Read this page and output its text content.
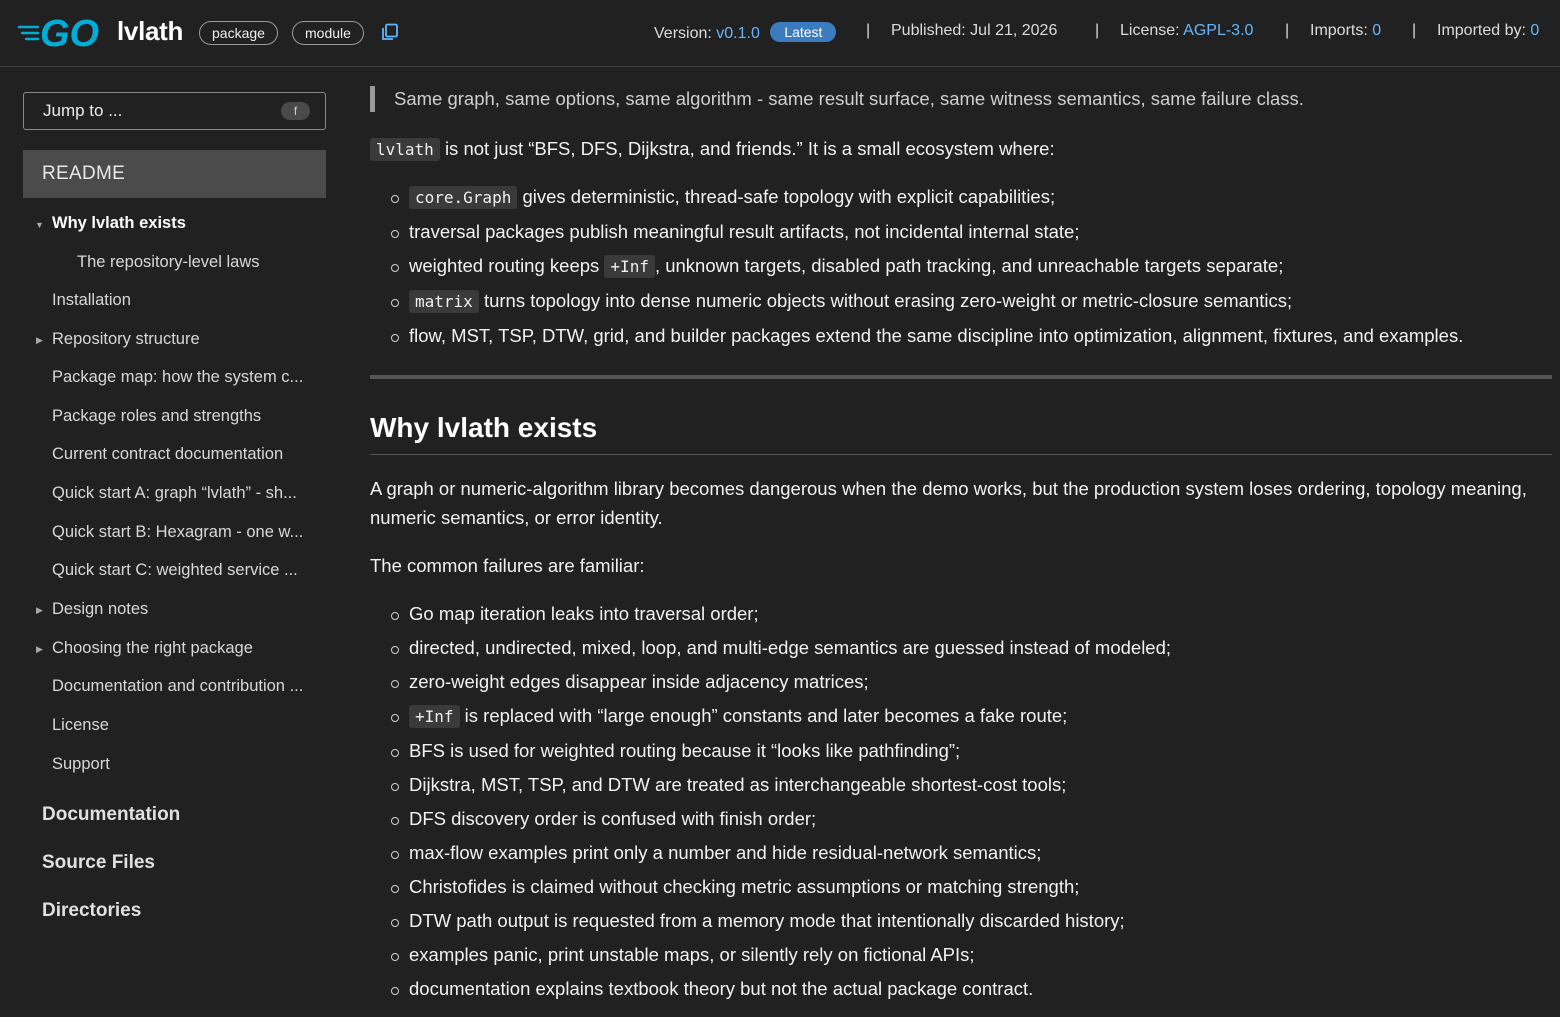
GO lvlath	package	module	Version: v0.1.0 Latest	| Published: Jul 21, 2026 | License: AGPL-3.0 | Imports: 0 | Imported by: 0
Jump to ...	f
README
▼ Why lvlath exists
The repository-level laws
Installation
▶ Repository structure
Package map: how the system c...
Package roles and strengths
Current contract documentation
Quick start A: graph “lvlath” - sh...
Quick start B: Hexagram - one w...
Quick start C: weighted service ...
▶ Design notes
▶ Choosing the right package
Documentation and contribution ...
License
Support
Documentation
Source Files
Directories
Same graph, same options, same algorithm - same result surface, same witness semantics, same failure class.
lvlath is not just “BFS, DFS, Dijkstra, and friends.” It is a small ecosystem where:
core.Graph gives deterministic, thread-safe topology with explicit capabilities;
traversal packages publish meaningful result artifacts, not incidental internal state;
weighted routing keeps +Inf , unknown targets, disabled path tracking, and unreachable targets separate;
matrix turns topology into dense numeric objects without erasing zero-weight or metric-closure semantics;
flow, MST, TSP, DTW, grid, and builder packages extend the same discipline into optimization, alignment, fixtures, and examples.
Why lvlath exists
A graph or numeric-algorithm library becomes dangerous when the demo works, but the production system loses ordering, topology meaning, numeric semantics, or error identity.
The common failures are familiar:
Go map iteration leaks into traversal order;
directed, undirected, mixed, loop, and multi-edge semantics are guessed instead of modeled;
zero-weight edges disappear inside adjacency matrices;
+Inf is replaced with “large enough” constants and later becomes a fake route;
BFS is used for weighted routing because it “looks like pathfinding”;
Dijkstra, MST, TSP, and DTW are treated as interchangeable shortest-cost tools;
DFS discovery order is confused with finish order;
max-flow examples print only a number and hide residual-network semantics;
Christofides is claimed without checking metric assumptions or matching strength;
DTW path output is requested from a memory mode that intentionally discarded history;
examples panic, print unstable maps, or silently rely on fictional APIs;
documentation explains textbook theory but not the actual package contract.
